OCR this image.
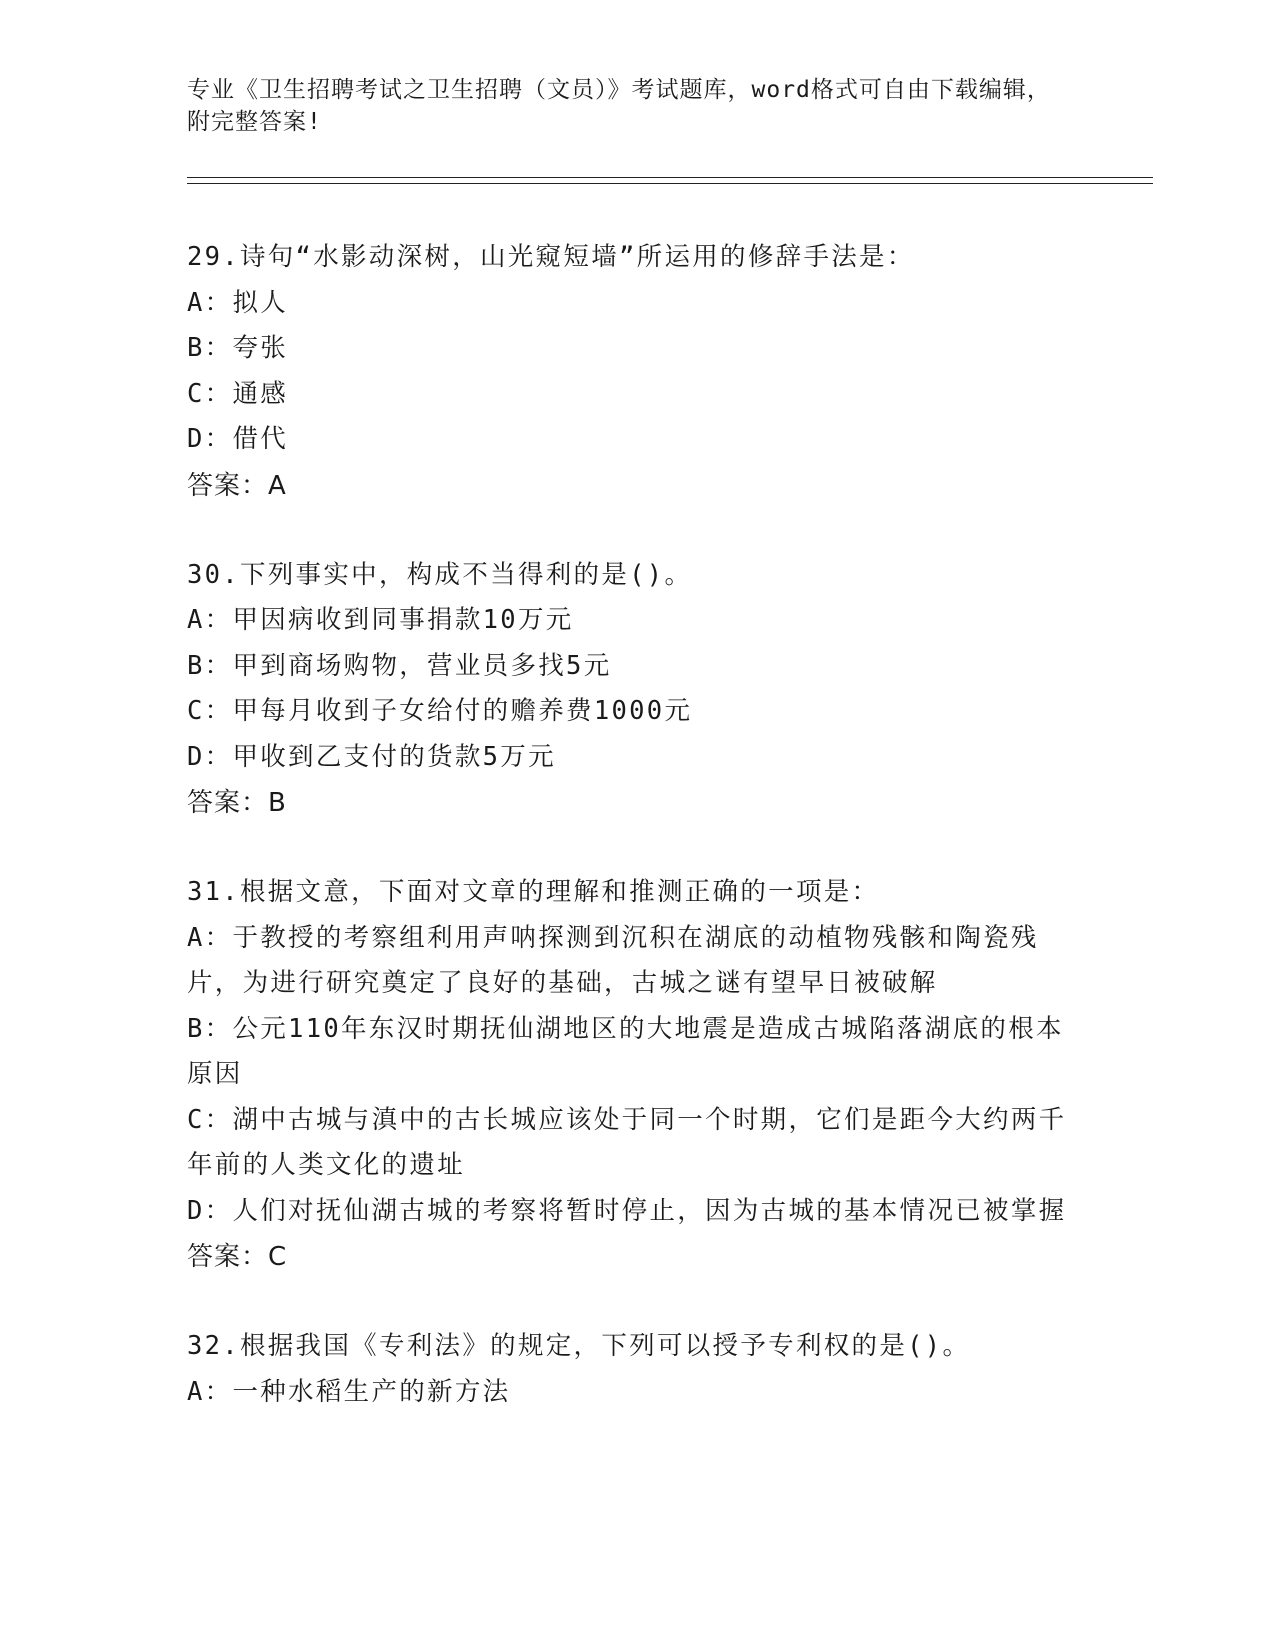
专业《卫生招聘考试之卫生招聘（文员）》考试题库，word格式可自由下载编辑，附完整答案!
29.诗句“水影动深树，山光窥短墙”所运用的修辞手法是：
A：拟人
B：夸张
C：通感
D：借代
答案：A
30.下列事实中，构成不当得利的是()。
A：甲因病收到同事捐款10万元
B：甲到商场购物，营业员多找5元
C：甲每月收到子女给付的赡养费1000元
D：甲收到乙支付的货款5万元
答案：B
31.根据文意，下面对文章的理解和推测正确的一项是：
A：于教授的考察组利用声呐探测到沉积在湖底的动植物残骸和陶瓷残片，为进行研究奠定了良好的基础，古城之谜有望早日被破解
B：公元110年东汉时期抚仙湖地区的大地震是造成古城陷落湖底的根本原因
C：湖中古城与滇中的古长城应该处于同一个时期，它们是距今大约两千年前的人类文化的遗址
D：人们对抚仙湖古城的考察将暂时停止，因为古城的基本情况已被掌握
答案：C
32.根据我国《专利法》的规定，下列可以授予专利权的是()。
A：一种水稻生产的新方法
